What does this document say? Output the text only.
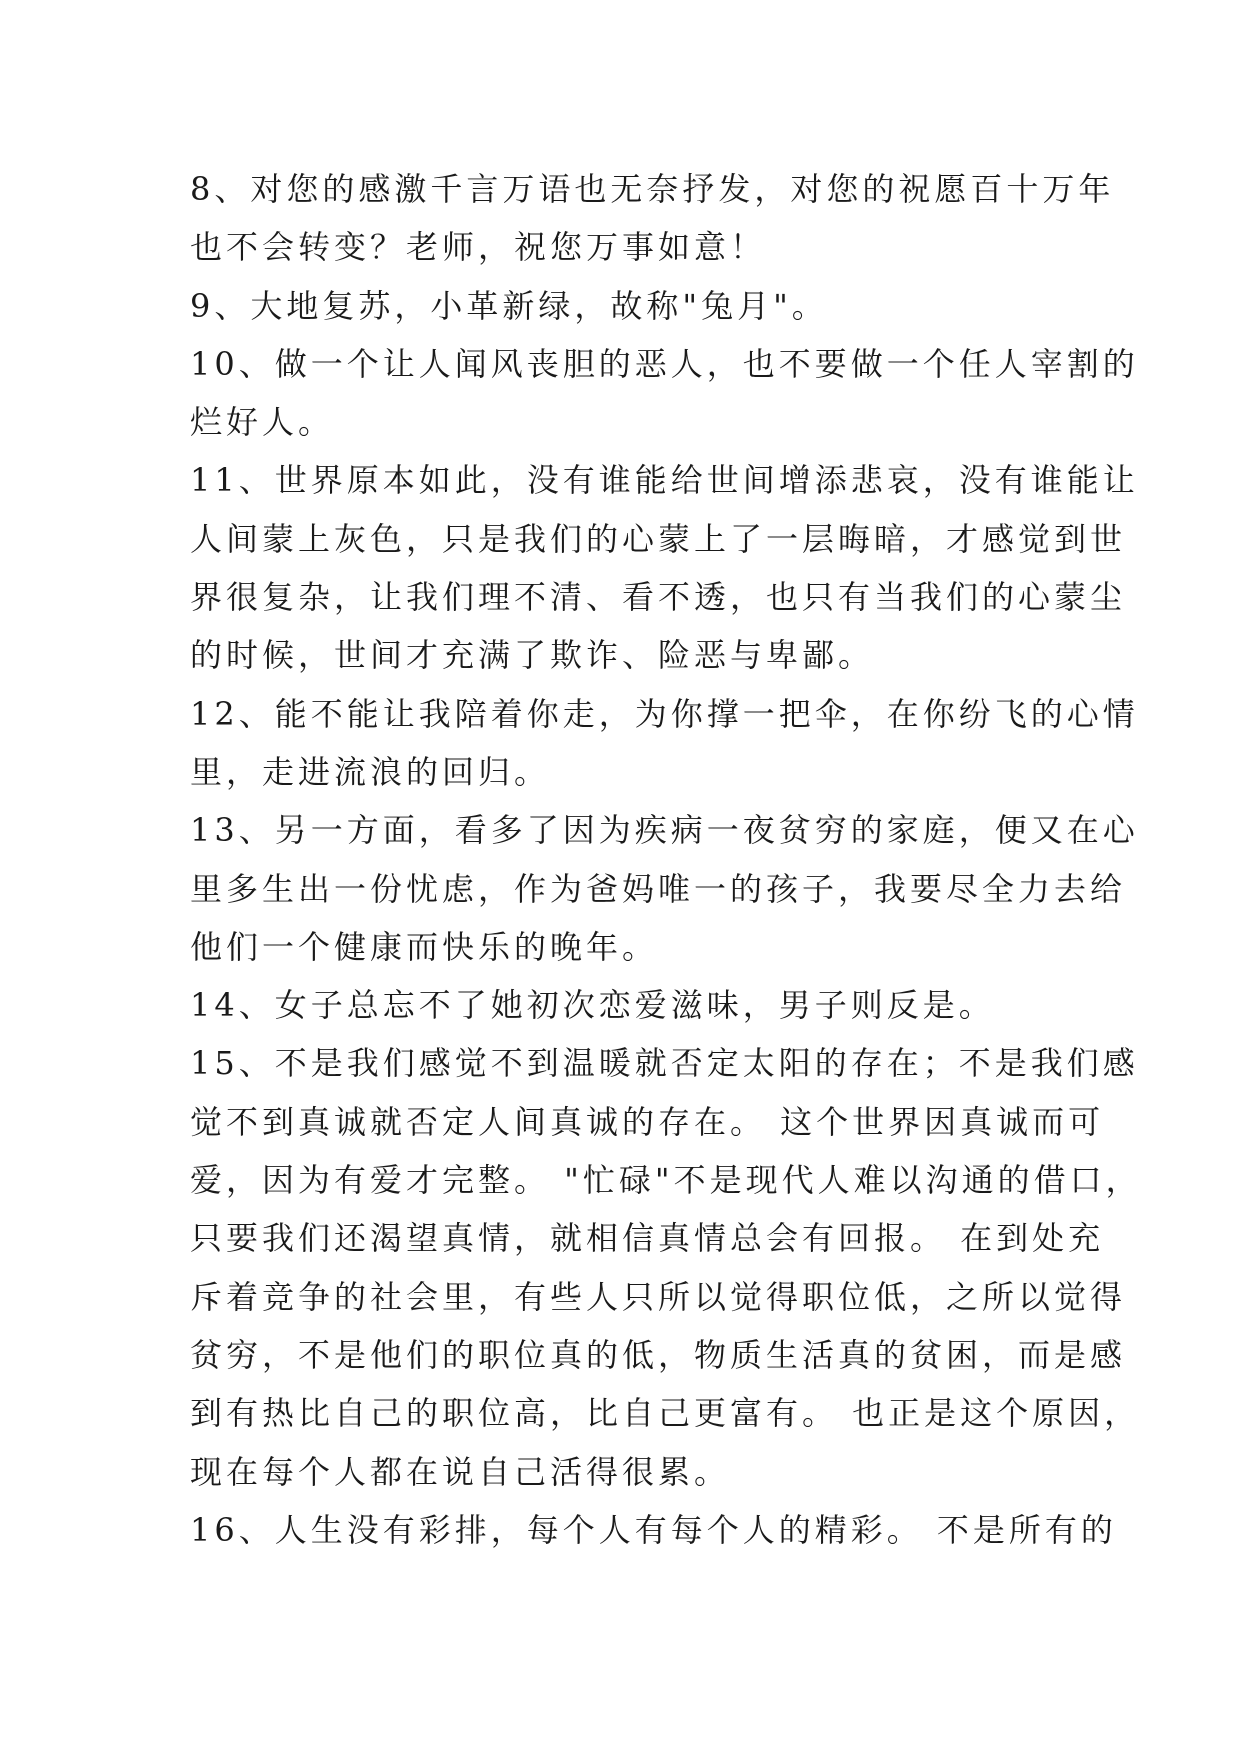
8、对您的感激千言万语也无奈抒发，对您的祝愿百十万年
也不会转变？老师，祝您万事如意！
9、大地复苏，小革新绿，故称"兔月"。
10、做一个让人闻风丧胆的恶人，也不要做一个任人宰割的
烂好人。
11、世界原本如此，没有谁能给世间增添悲哀，没有谁能让
人间蒙上灰色，只是我们的心蒙上了一层晦暗，才感觉到世
界很复杂，让我们理不清、看不透，也只有当我们的心蒙尘
的时候，世间才充满了欺诈、险恶与卑鄙。
12、能不能让我陪着你走，为你撑一把伞，在你纷飞的心情
里，走进流浪的回归。
13、另一方面，看多了因为疾病一夜贫穷的家庭，便又在心
里多生出一份忧虑，作为爸妈唯一的孩子，我要尽全力去给
他们一个健康而快乐的晚年。
14、女子总忘不了她初次恋爱滋味，男子则反是。
15、不是我们感觉不到温暖就否定太阳的存在；不是我们感
觉不到真诚就否定人间真诚的存在。 这个世界因真诚而可
爱，因为有爱才完整。 "忙碌"不是现代人难以沟通的借口，
只要我们还渴望真情，就相信真情总会有回报。 在到处充
斥着竞争的社会里，有些人只所以觉得职位低，之所以觉得
贫穷，不是他们的职位真的低，物质生活真的贫困，而是感
到有热比自己的职位高，比自己更富有。 也正是这个原因，
现在每个人都在说自己活得很累。
16、人生没有彩排，每个人有每个人的精彩。 不是所有的
